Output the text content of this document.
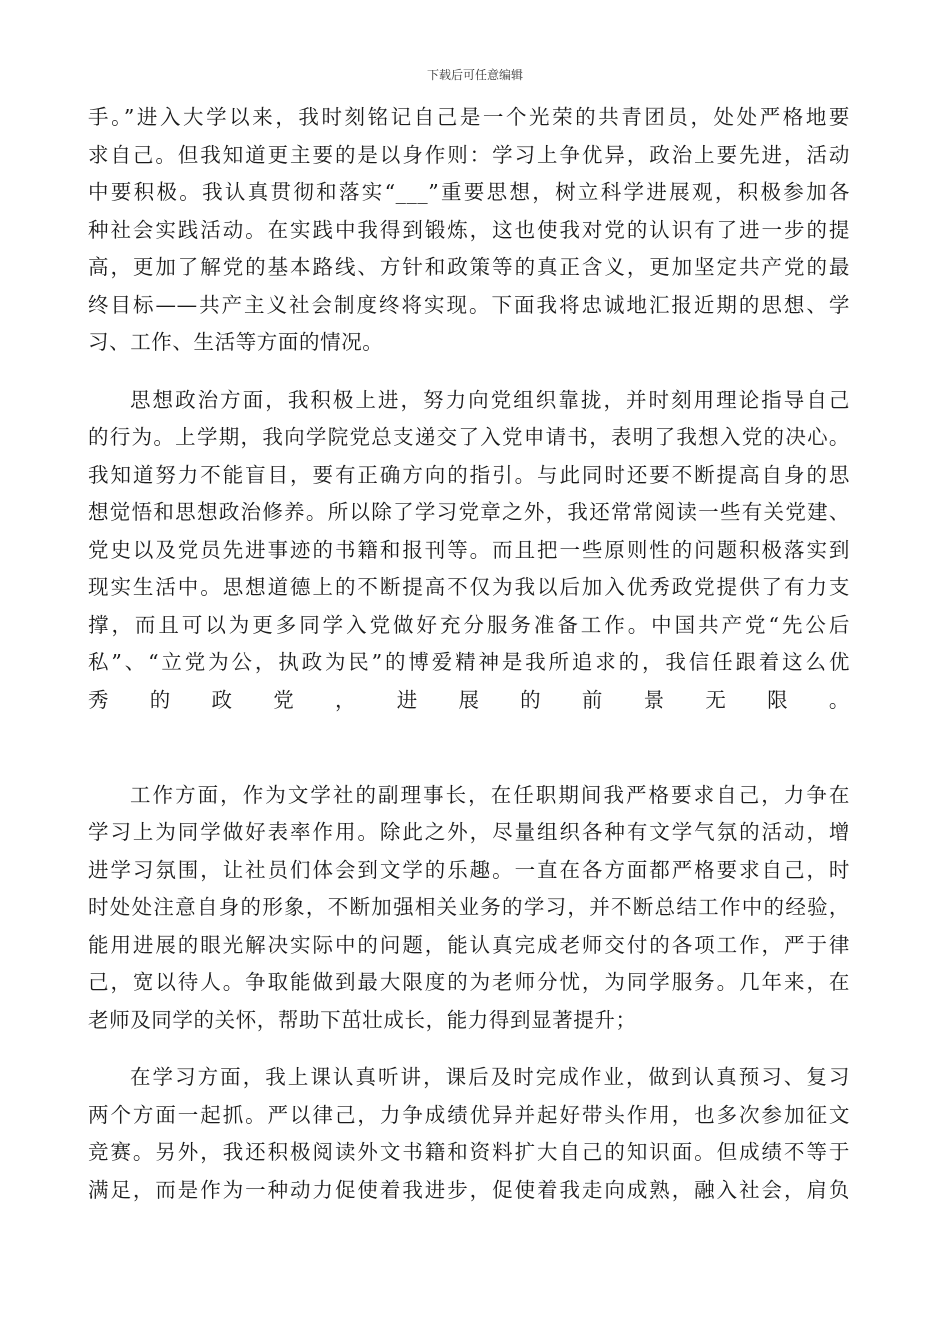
下载后可任意编辑
手。”进入大学以来，我时刻铭记自己是一个光荣的共青团员，处处严格地要
求自己。但我知道更主要的是以身作则：学习上争优异，政治上要先进，活动
中要积极。我认真贯彻和落实“___”重要思想，树立科学进展观，积极参加各
种社会实践活动。在实践中我得到锻炼，这也使我对党的认识有了进一步的提
高，更加了解党的基本路线、方针和政策等的真正含义，更加坚定共产党的最
终目标——共产主义社会制度终将实现。下面我将忠诚地汇报近期的思想、学
习、工作、生活等方面的情况。
思想政治方面，我积极上进，努力向党组织靠拢，并时刻用理论指导自己
的行为。上学期，我向学院党总支递交了入党申请书，表明了我想入党的决心。
我知道努力不能盲目，要有正确方向的指引。与此同时还要不断提高自身的思
想觉悟和思想政治修养。所以除了学习党章之外，我还常常阅读一些有关党建、
党史以及党员先进事迹的书籍和报刊等。而且把一些原则性的问题积极落实到
现实生活中。思想道德上的不断提高不仅为我以后加入优秀政党提供了有力支
撑，而且可以为更多同学入党做好充分服务准备工作。中国共产党“先公后
私”、“立党为公，执政为民”的博爱精神是我所追求的，我信任跟着这么优
秀的政党，进展的前景无限。
工作方面，作为文学社的副理事长，在任职期间我严格要求自己，力争在
学习上为同学做好表率作用。除此之外，尽量组织各种有文学气氛的活动，增
进学习氛围，让社员们体会到文学的乐趣。一直在各方面都严格要求自己，时
时处处注意自身的形象，不断加强相关业务的学习，并不断总结工作中的经验，
能用进展的眼光解决实际中的问题，能认真完成老师交付的各项工作，严于律
己，宽以待人。争取能做到最大限度的为老师分忧，为同学服务。几年来，在
老师及同学的关怀，帮助下茁壮成长，能力得到显著提升；
在学习方面，我上课认真听讲，课后及时完成作业，做到认真预习、复习
两个方面一起抓。严以律己，力争成绩优异并起好带头作用，也多次参加征文
竞赛。另外，我还积极阅读外文书籍和资料扩大自己的知识面。但成绩不等于
满足，而是作为一种动力促使着我进步，促使着我走向成熟，融入社会，肩负
